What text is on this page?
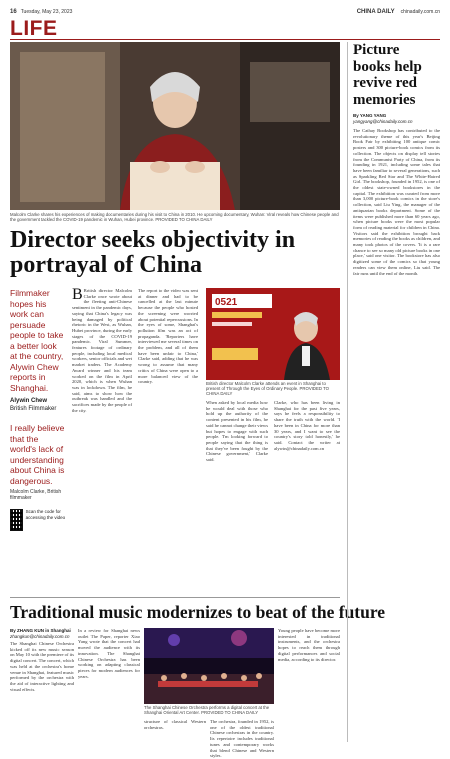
16 Tuesday, May 23, 2023	CHINA DAILY chinadaily.com.cn
LIFE
Malcolm Clarke shares his experiences of making documentaries during his visit to China in 2010. He upcoming documentary, Wuhan: Viral reveals how Chinese people and the government tackled the COVID-19 pandemic in Wuhan, Hubei province. PROVIDED TO CHINA DAILY
Director seeks objectivity in portrayal of China
Filmmaker hopes his work can persuade people to take a better look at the country, Alywin Chew reports in Shanghai.
Alywin Chew
British Filmmaker
I really believe that the world's lack of understanding about China is dangerous.
Malcolm Clarke, British filmmaker
Scan the code for accessing the video
B British director Malcolm Clarke once wrote about the fleeting anti-Chinese sentiment in the pandemic days, saying that China's legacy was being damaged by political rhetoric in the West, as Wuhan, Hubei province, during the early stages of the COVID-19 pandemic. Viral Summer, features footage of ordinary people, including local medical workers, senior officials and wet market traders. The Academy Award winner and his team worked on the film in April 2020, which is when Wuhan was in lockdown. The film, he said, aims to show how the outbreak was handled and the sacrifices made by the people of the city.
The report to the video was sent at dinner and had to be cancelled at the last minute because the people who hosted the screening were worried about potential repercussions. In the eyes of some, Shanghai's pollution film was an act of propaganda. 'Reporters have interviewed me several times on the problem, and all of them have been unfair to China,' Clarke said, adding that he was wrong to assume that many critics of China were open to a more balanced view of the country.
0521
British director Malcolm Clarke attends an event in Shanghai to present of Through the Eyes of Ordinary People. PROVIDED TO CHINA DAILY
When asked by local media how he would deal with those who hold up the authority of the content presented in his film, he said he cannot change their views but hopes to engage with such people. 'I'm looking forward to people saying that the thing is that they've been fought by the Chinese government,' Clarke said.
Clarke, who has been living in Shanghai for the past five years, says he feels a responsibility to share the truth with the world. 'I have been in China for more than 30 years, and I want to see the country's story told honestly,' he said. Contact the writer at alywin@chinadaily.com.cn
Traditional music modernizes to beat of the future
By ZHANG KUN in Shanghai
zhangkun@chinadaily.com.cn
The Shanghai Chinese Orchestra kicked off its new music season on May 10 with the premiere of its digital concert. The concert, which was held at the orchestra's home venue in Shanghai, featured music performed by the orchestra with the aid of interactive lighting and visual effects.
In a review for Shanghai news outlet The Paper, reporter Xiao Yang wrote that the concert had moved the audience with its innovation. The Shanghai Chinese Orchestra has been working on adapting classical pieces for modern audiences for years.
The Shanghai Chinese Orchestra performs a digital concert at the Shanghai Oriental Art Center. PROVIDED TO CHINA DAILY
Young people have become more interested in traditional instruments, and the orchestra hopes to reach them through digital performances and social media, according to its director.
structure of classical Western orchestras.
The orchestra, founded in 1952, is one of the oldest traditional Chinese orchestras in the country. Its repertoire includes traditional tunes and contemporary works that blend Chinese and Western styles.
Picture books help revive red memories
By YANG YANG
yangyang@chinadaily.com.cn
The Cathay Bookshop has contributed to the revolutionary theme of this year's Beijing Book Fair by exhibiting 100 antique comic posters and 300 picture-book comics from its collection. The objects on display tell stories from the Communist Party of China, from its founding in 1921, including some tales that have been familiar to several generations, such as Sparkling Red Star and The White-Haired Girl. The bookshop, founded in 1952, is one of the oldest state-owned bookstores in the capital. The exhibition was curated from more than 3,000 picture-book comics in the store's collection, said Liu Ying, the manager of the antiquarian books department. Some of the items were published more than 60 years ago, when picture books were the most popular form of reading material for children in China. Visitors said the exhibition brought back memories of reading the books as children, and many took photos of the covers. 'It is a rare chance to see so many old picture books in one place,' said one visitor. The bookstore has also digitized some of the comics so that young readers can view them online, Liu said. The fair runs until the end of the month.
